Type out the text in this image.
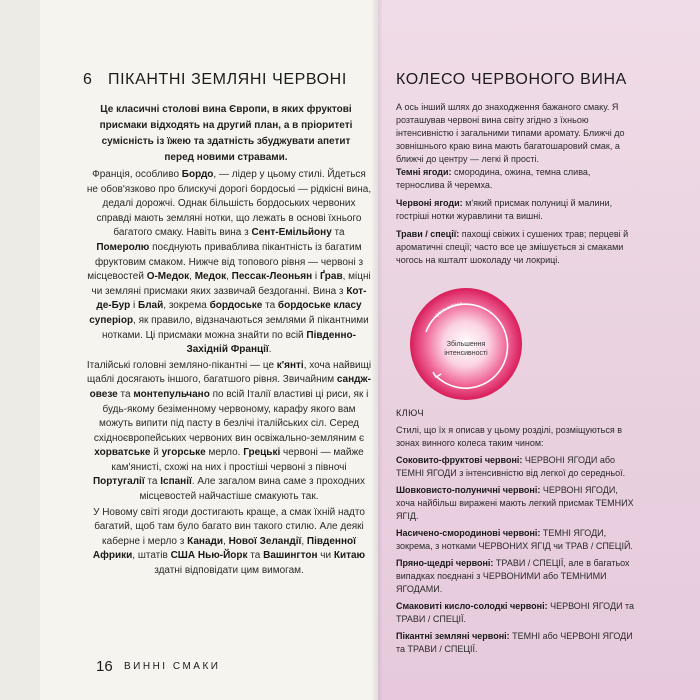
6 ПІКАНТНІ ЗЕМЛЯНІ ЧЕРВОНІ

Це класичні столові вина Європи, в яких фруктові присмаки відходять на другий план, а в пріоритеті сумісність із їжею та здатність збуджувати апетит перед новими стравами.

Франція, особливо Бордо, — лідер у цьому стилі. Йдеться не обов'язково про блискучі дорогі бордоські — рідкісні вина, дедалі дорожчі. Однак більшість бордоських червоних справді мають земляні нотки, що лежать в основі їхнього багатого смаку. Навіть вина з Сент-Емільйону та Померолю поєднують приваблива пікантність із багатим фруктовим смаком. Нижче від топового рівня — червоні з місцевостей О-Медок, Медок, Пессак-Леоньян і Ґрав, міцні чи земляні присмаки яких зазвичай бездоганні. Вина з Кот-де-Бур і Блай, зокрема бордоське та бордоське класу суперіор, як правило, відзначаються землями й пікантними нотками. Ці присмаки можна знайти по всій Південно-Західній Франції.

Італійські головні земляно-пікантні — це к'янті, хоча найвищі щаблі досягають іншого, багатшого рівня. Звичайним санджовезе та монтепульчано по всій Італії властиві ці риси, як і будь-якому безіменному червоному, карафу якого вам можуть випити під пасту в безлічі італійських сіл. Серед східноєвропейських червоних вин освіжально-земляним є хорватське й угорське мерло. Грецькі червоні — майже кам'янисті, схожі на них і простіші червоні з півночі Португалії та Іспанії. Але загалом вина саме з проходних місцевостей найчастіше смакують так.

У Новому світі ягоди достигають краще, а смак їхній надто багатий, щоб там було багато вин такого стилю. Але деякі каберне і мерло з Канади, Нової Зеландії, Південної Африки, штатів США Нью-Йорк та Вашингтон чи Китаю здатні відповідати цим вимогам.

16 ВИННІ СМАКИ
КОЛЕСО ЧЕРВОНОГО ВИНА

А ось інший шлях до знаходження бажаного смаку. Я розташував червоні вина світу згідно з їхньою інтенсивністю і загальними типами аромату. Ближчі до зовнішнього краю вина мають багатошаровий смак, а ближчі до центру — легкі й прості.

Темні ягоди: смородина, ожина, темна слива, терносливa й черемха.

Червоні ягоди: м'який присмак полуниці й малини, гостріші нотки журавлини та вишні.

Трави / спеції: пахощі свіжих і сушених трав; перцеві й ароматичні спеції; часто все це змішується зі смаками чогось на кшталт шоколаду чи локриці.

Збільшення
Збільшення
інтенсивності
КЛЮЧ

Стилі, що їх я описав у цьому розділі, розміщуються в зонах винного колеса таким чином:

Соковито-фруктові червоні: ЧЕРВОНІ ЯГОДИ або ТЕМНІ ЯГОДИ з інтенсивністю від легкої до середньої.

Шовковисто-полуничні червоні: ЧЕРВОНІ ЯГОДИ, хоча найбільш виражені мають легкий присмак ТЕМНИХ ЯГІД.

Насичено-смородинові червоні: ТЕМНІ ЯГОДИ, зокрема, з нотками ЧЕРВОНИХ ЯГІД чи ТРАВ / СПЕЦІЙ.

Пряно-щедрі червоні: ТРАВИ / СПЕЦІЇ, але в багатьох випадках поєднані з ЧЕРВОНИМИ або ТЕМНИМИ ЯГОДАМИ.

Смаковиті кисло-солодкі червоні: ЧЕРВОНІ ЯГОДИ та ТРАВИ / СПЕЦІЇ.

Пікантні земляні червоні: ТЕМНІ або ЧЕРВОНІ ЯГОДИ та ТРАВИ / СПЕЦІЇ.
